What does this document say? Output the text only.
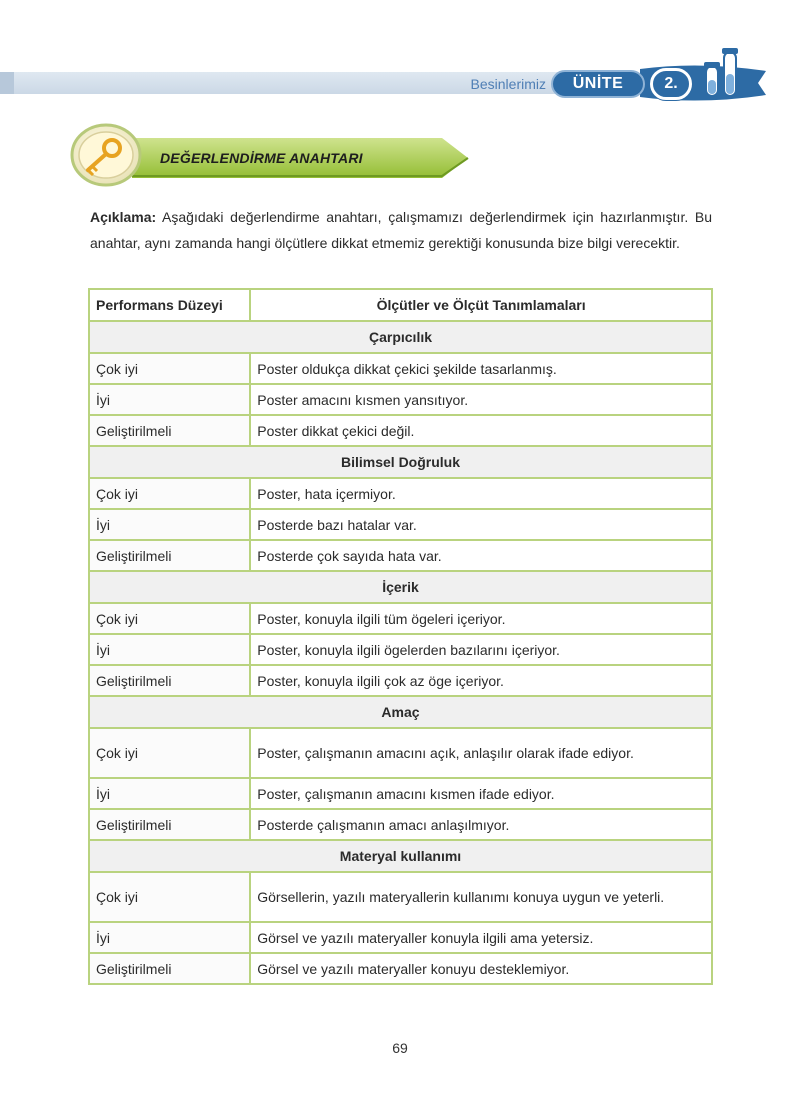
Besinlerimiz	ÜNİTE	2.
DEĞERLENDİRME ANAHTARI
Açıklama: Aşağıdaki değerlendirme anahtarı, çalışmamızı değerlendirmek için hazırlanmıştır. Bu anahtar, aynı zamanda hangi ölçütlere dikkat etmemiz gerektiği konusunda bize bilgi verecektir.
Performans Düzeyi	Ölçütler ve Ölçüt Tanımlamaları
Çarpıcılık	
Çok iyi	Poster oldukça dikkat çekici şekilde tasarlanmış.
İyi	Poster amacını kısmen yansıtıyor.
Geliştirilmeli	Poster dikkat çekici değil.
Bilimsel Doğruluk	
Çok iyi	Poster, hata içermiyor.
İyi	Posterde bazı hatalar var.
Geliştirilmeli	Posterde çok sayıda hata var.
İçerik	
Çok iyi	Poster, konuyla ilgili tüm ögeleri içeriyor.
İyi	Poster, konuyla ilgili ögelerden bazılarını içeriyor.
Geliştirilmeli	Poster, konuyla ilgili çok az öge içeriyor.
Amaç	
Çok iyi	Poster, çalışmanın amacını açık, anlaşılır olarak ifade ediyor.
İyi	Poster, çalışmanın amacını kısmen ifade ediyor.
Geliştirilmeli	Posterde çalışmanın amacı anlaşılmıyor.
Materyal kullanımı	
Çok iyi	Görsellerin, yazılı materyallerin kullanımı konuya uygun ve yeterli.
İyi	Görsel ve yazılı materyaller konuyla ilgili ama yetersiz.
Geliştirilmeli	Görsel ve yazılı materyaller konuyu desteklemiyor.
69
